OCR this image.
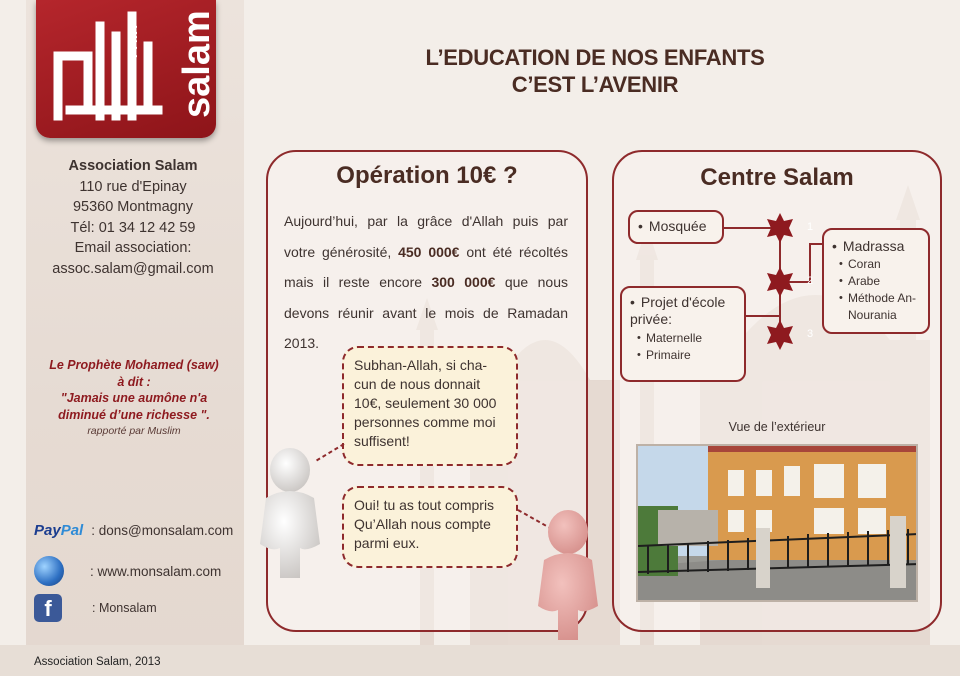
PAIX salam
Association Salam
110 rue d'Epinay
95360 Montmagny
Tél: 01 34 12 42 59
Email association:
assoc.salam@gmail.com
Le Prophète Mohamed (saw)
à dit :
"Jamais une aumône n'a
diminué d’une richesse ".
rapporté par Muslim
PayPal : dons@monsalam.com
: www.monsalam.com
f	: Monsalam
Association Salam, 2013
L’EDUCATION DE NOS ENFANTS
C’EST L’AVENIR
Opération 10€ ?
Aujourd’hui, par la grâce d'Allah puis par votre générosité, 450 000€ ont été récoltés mais il reste encore 300 000€ que nous devons réunir avant le mois de Ramadan 2013.
Subhan-Allah, si cha-cun de nous donnait 10€, seulement 30 000 personnes comme moi suffisent!
Oui! tu as tout compris Qu’Allah nous compte parmi eux.
Centre Salam
• Mosquée
• Projet d'école privée:
• Maternelle
• Primaire
• Madrassa
• Coran
• Arabe
• Méthode An-Nourania
1
2
3
Vue de l’extérieur
